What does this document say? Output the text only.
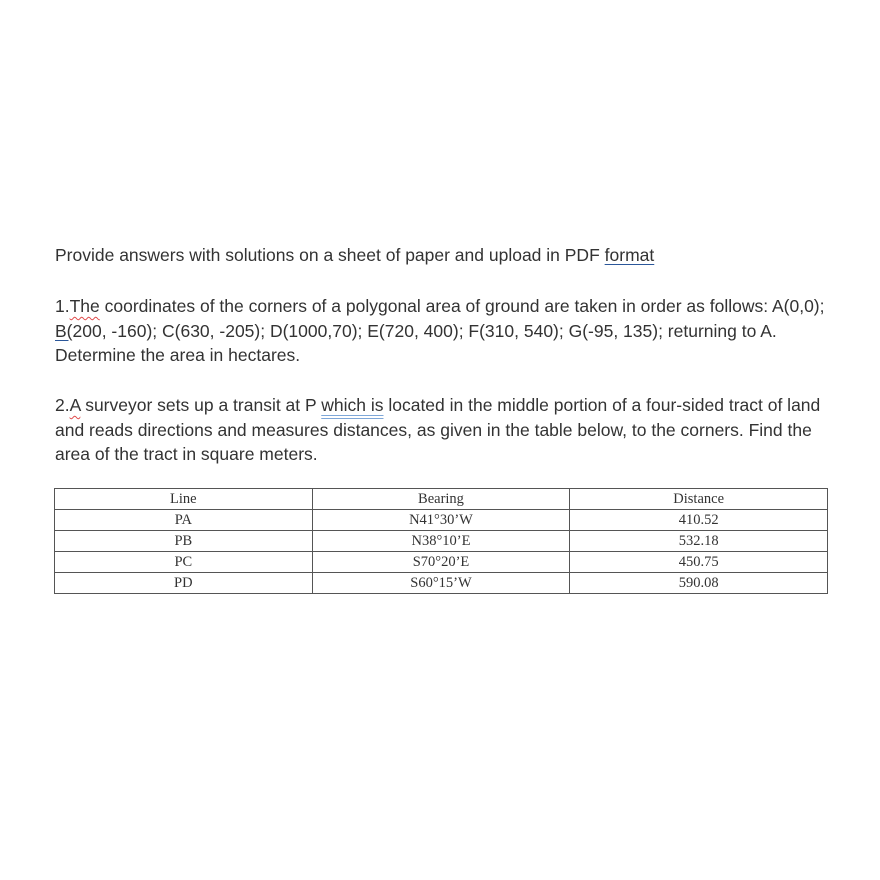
Provide answers with solutions on a sheet of paper and upload in PDF format

1.The coordinates of the corners of a polygonal area of ground are taken in order as follows: A(0,0); B(200, -160); C(630, -205); D(1000,70); E(720, 400); F(310, 540); G(-95, 135); returning to A. Determine the area in hectares.

2.A surveyor sets up a transit at P which is located in the middle portion of a four-sided tract of land and reads directions and measures distances, as given in the table below, to the corners. Find the area of the tract in square meters.

Line	Bearing	Distance
PA	N41°30’W	410.52
PB	N38°10’E	532.18
PC	S70°20’E	450.75
PD	S60°15’W	590.08
